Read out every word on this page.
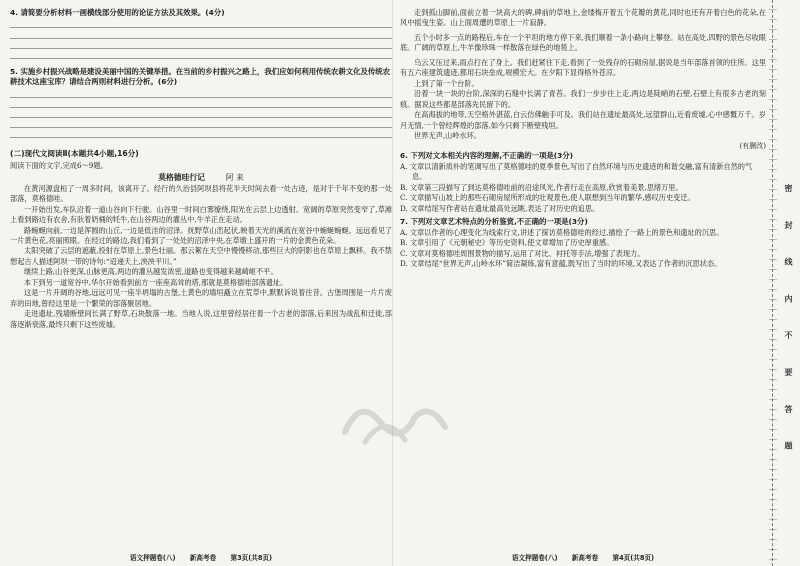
4. 请简要分析材料一画横线部分使用的论证方法及其效果。(4分)

5. 实施乡村振兴战略是建设美丽中国的关键举措。在当前的乡村振兴之路上，我们应如何利用传统农耕文化及传统农耕技术这座宝库？请结合两则材料进行分析。(6分)

(二)现代文阅读Ⅱ(本题共4小题,16分)

阅读下面的文字,完成6～9题。

莫格德哇行记	阿 来

在黄河源盘桓了一周多时间，该离开了。经行的久治县阿坝县将花半天时间去看一处古迹，是对于千年不变的那一处部落，莫格德哇。

一开始出发,车队沿着一道山谷向下行驶。山谷里一时间白雾缭绕,阳光在云层上边透射。宽阔的草原突然变窄了,草滩上看到路边有农舍,有驮着奶桶的牦牛,在山谷两边的灌丛中,牛羊正在走动。

路蜿蜒向前,一边是浑圆的山丘,一边是低洼的沼泽。抚野草山峦起伏,映着天光的溪流在宽谷中蜿蜒蜿蜒。远远看见了一片黄色花,亮丽照眼。在经过的路边,我们看到了一处处的沼泽中央,在草墩上盛开的一片的金黄色花朵。

太阳突破了云层的遮蔽,投射在草原上,景色壮丽。那云絮在天空中慢慢移动,那些巨大的阴影也在草原上飘移。我不禁想起古人描述阿坝一带的诗句:“迢递天上,泱泱平川。”

继续上路,山谷更深,山脉更高,两边的灌丛越发浓密,道路也变得越来越崎岖不平。

本下到另一道宽谷中,华尔开始看到前方一座座高耸的塔,那就是莫格德哇部落遗址。

这是一片开阔的谷地,远远可见一座半坍塌的古堡,土黄色的墙垣矗立在荒草中,默默诉说着往昔。古堡周围是一片片废弃的田地,曾经这里是一个繁荣的部落聚居地。

走进遗址,残墙断壁间长满了野草,石块散落一地。当地人说,这里曾经居住着一个古老的部落,后来因为战乱和迁徙,部落逐渐衰落,最终只剩下这些废墟。

语文押题卷(八) 新高考卷 第3页(共8页)

走到孤山脚前,面前立着一块高大的碑,碑前的草地上,金缕梅开着五个花瓣的黄花,同时也还有开着白色的花朵,在风中摇曳生姿。山上面周遭的草原上一片寂静。

五个小时多一点的路程后,车在一个平坦的地方停下来,我们顺着一条小路向上攀登。站在高处,四野的景色尽收眼底。广阔的草原上,牛羊像珍珠一样散落在绿色的地毯上。

乌云又压过来,雨点打在了身上。我们赶紧往下走,看到了一处残存的石砌房屋,据说是当年部落首领的住所。这里有五六座建筑遗迹,都用石块垒成,规模宏大。在夕阳下显得格外苍凉。

上到了第一个台阶。

沿着一块一块的台阶,深深的石缝中长满了青苔。我们一步步往上走,两边是陡峭的石壁,石壁上有很多古老的刻痕。据说这些都是部落先民留下的。

在高海拔的地带,天空格外湛蓝,白云仿佛触手可及。我们站在遗址最高处,远望群山,近看废墟,心中感慨万千。岁月无情,一个曾经辉煌的部落,如今只剩下断壁残垣。

世界无声,山岭水环。

(有删改)

6. 下列对文本相关内容的理解,不正确的一项是(3分)

A. 文章以清新质朴的笔调写出了莫格德哇的夏季景色,写出了自然环境与历史遗迹的和谐交融,富有清新自然的气息。

B. 文章第三段描写了到达莫格德哇前的沿途风光,作者行走在高原,欣赏着美景,思绪万里。

C. 文章描写山坡上的那些石砌房屋所形成的壮观景色,使人联想到当年的繁华,感叹历史变迁。

D. 文章结尾写作者站在遗址最高处远眺,表达了对历史的追思。

7. 下列对文章艺术特点的分析鉴赏,不正确的一项是(3分)

A. 文章以作者的心理变化为线索行文,讲述了探访莫格德哇的经过,描绘了一路上的景色和遗址的沉思。

B. 文章引用了《元朝秘史》等历史资料,使文章增加了历史厚重感。

C. 文章对莫格德哇周围景物的描写,运用了对比、衬托等手法,增强了表现力。

D. 文章结尾“世界无声,山岭水环”简洁凝练,富有意蕴,既写出了当时的环境,又表达了作者的沉思状态。

语文押题卷(八) 新高考卷 第4页(共8页)
密 封 线 内 不 要 答 题
